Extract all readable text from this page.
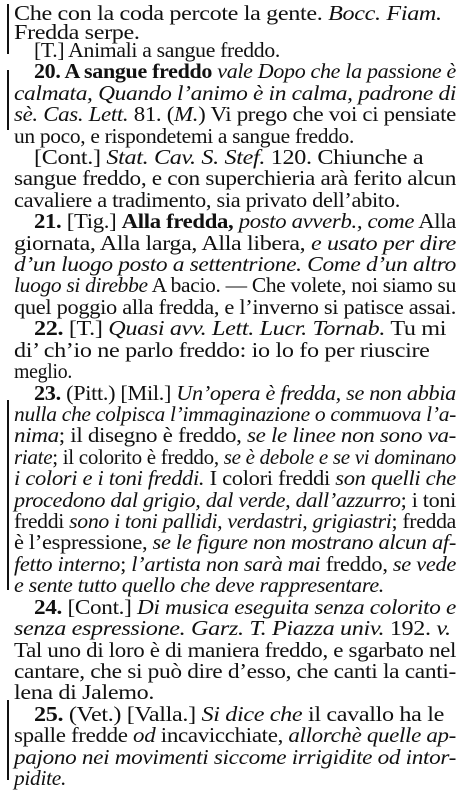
Che con la coda percote la gente. Bocc. Fiam.
Fredda serpe.
[T.] Animali a sangue freddo.
20. A sangue freddo vale Dopo che la passione è
calmata, Quando l’animo è in calma, padrone di
sè. Cas. Lett. 81. (M.) Vi prego che voi ci pensiate
un poco, e rispondetemi a sangue freddo.
[Cont.] Stat. Cav. S. Stef. 120. Chiunche a
sangue freddo, e con superchieria arà ferito alcun
cavaliere a tradimento, sia privato dell’abito.
21. [Tig.] Alla fredda, posto avverb., come Alla
giornata, Alla larga, Alla libera, e usato per dire
d’un luogo posto a settentrione. Come d’un altro
luogo si direbbe A bacio. — Che volete, noi siamo su
quel poggio alla fredda, e l’inverno si patisce assai.
22. [T.] Quasi avv. Lett. Lucr. Tornab. Tu mi
di’ ch’io ne parlo freddo: io lo fo per riuscire
meglio.
23. (Pitt.) [Mil.] Un’opera è fredda, se non abbia
nulla che colpisca l’immaginazione o commuova l’a-
nima; il disegno è freddo, se le linee non sono va-
riate; il colorito è freddo, se è debole e se vi dominano
i colori e i toni freddi. I colori freddi son quelli che
procedono dal grigio, dal verde, dall’azzurro; i toni
freddi sono i toni pallidi, verdastri, grigiastri; fredda
è l’espressione, se le figure non mostrano alcun af-
fetto interno; l’artista non sarà mai freddo, se vede
e sente tutto quello che deve rappresentare.
24. [Cont.] Di musica eseguita senza colorito e
senza espressione. Garz. T. Piazza univ. 192. v.
Tal uno di loro è di maniera freddo, e sgarbato nel
cantare, che si può dire d’esso, che canti la canti-
lena di Jalemo.
25. (Vet.) [Valla.] Si dice che il cavallo ha le
spalle fredde od incavicchiate, allorchè quelle ap-
pajono nei movimenti siccome irrigidite od intor-
pidite.
